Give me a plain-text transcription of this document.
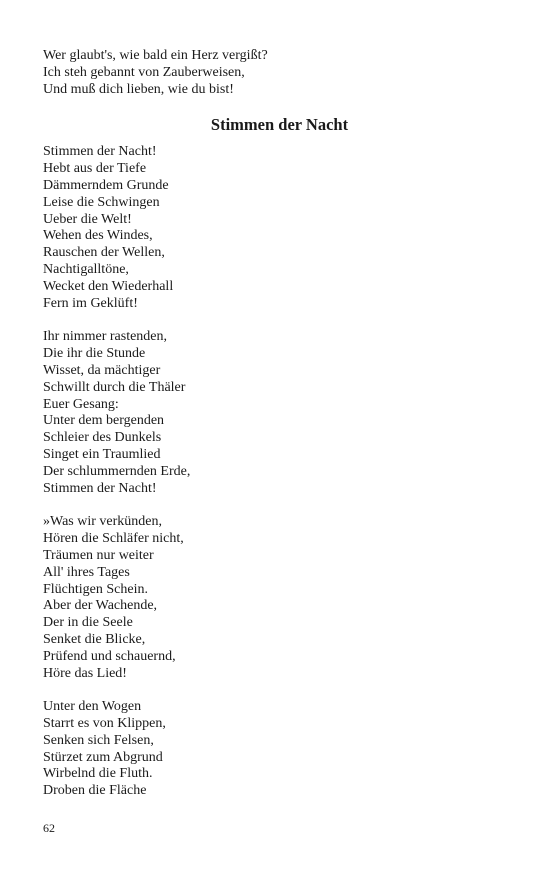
Wer glaubt's, wie bald ein Herz vergißt?
Ich steh gebannt von Zauberweisen,
Und muß dich lieben, wie du bist!
Stimmen der Nacht
Stimmen der Nacht!
Hebt aus der Tiefe
Dämmerndem Grunde
Leise die Schwingen
Ueber die Welt!
Wehen des Windes,
Rauschen der Wellen,
Nachtigalltöne,
Wecket den Wiederhall
Fern im Geklüft!
Ihr nimmer rastenden,
Die ihr die Stunde
Wisset, da mächtiger
Schwillt durch die Thäler
Euer Gesang:
Unter dem bergenden
Schleier des Dunkels
Singet ein Traumlied
Der schlummernden Erde,
Stimmen der Nacht!
»Was wir verkünden,
Hören die Schläfer nicht,
Träumen nur weiter
All' ihres Tages
Flüchtigen Schein.
Aber der Wachende,
Der in die Seele
Senket die Blicke,
Prüfend und schauernd,
Höre das Lied!
Unter den Wogen
Starrt es von Klippen,
Senken sich Felsen,
Stürzet zum Abgrund
Wirbelnd die Fluth.
Droben die Fläche
62
